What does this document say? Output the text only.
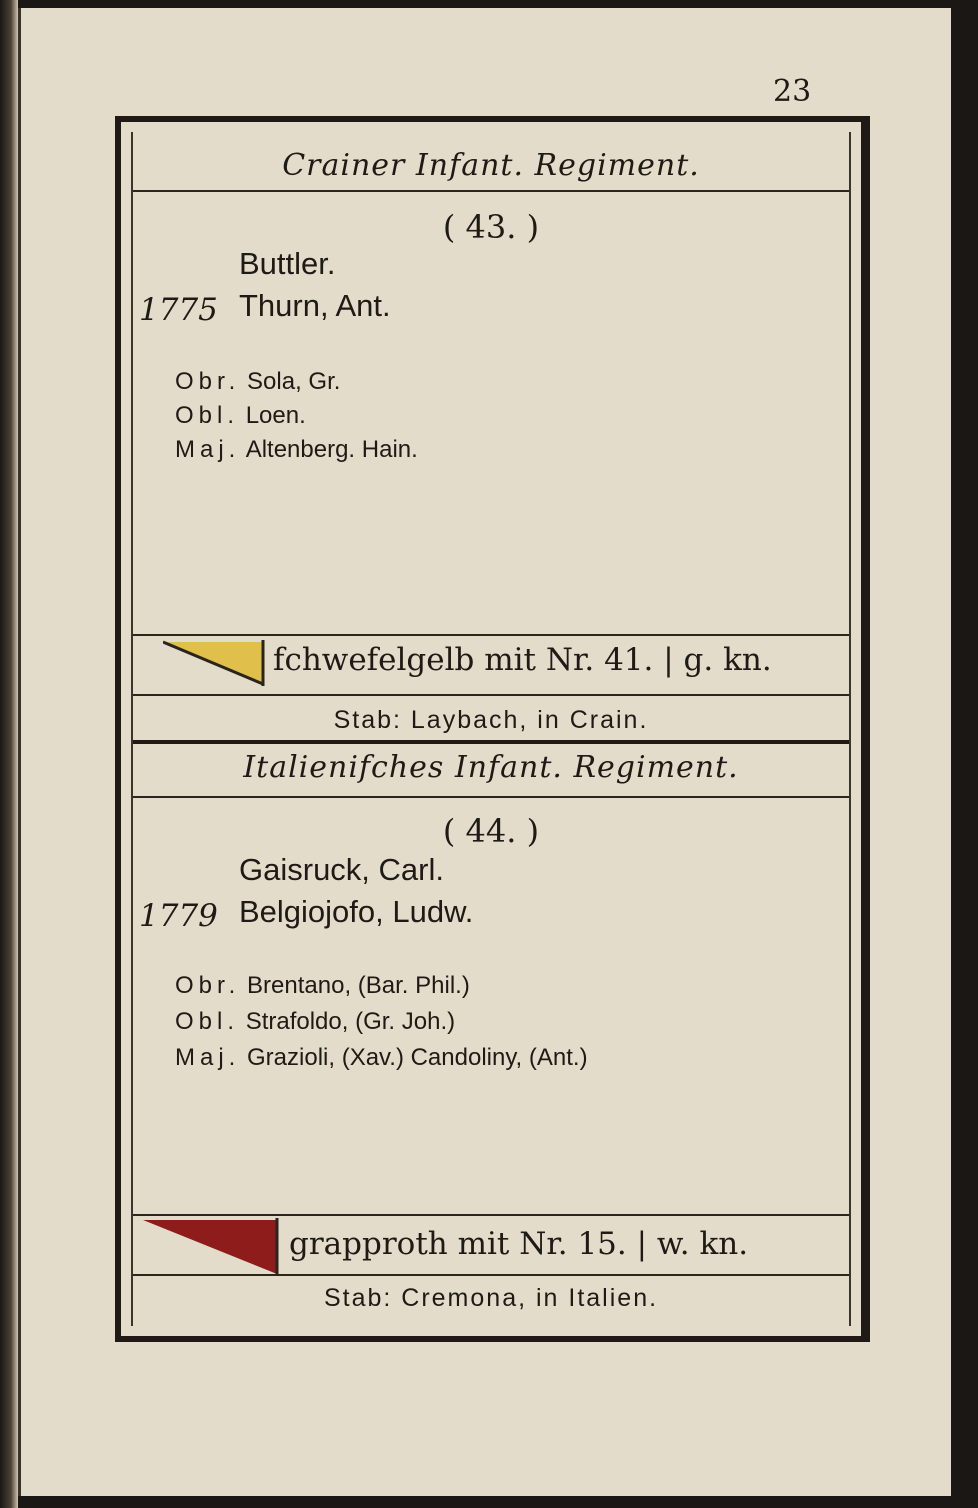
23
Crainer Infant. Regiment.
( 43. )
Buttler.
1775 Thurn, Ant.
Obr. Sola, Gr.
Obl. Loen.
Maj. Altenberg. Hain.
fchwefelgelb mit Nr. 41. | g. kn.
Stab: Laybach, in Crain.
Italienifches Infant. Regiment.
( 44. )
Gaisruck, Carl.
1779 Belgiojofo, Ludw.
Obr. Brentano, (Bar. Phil.)
Obl. Strafoldo, (Gr. Joh.)
Maj. Grazioli, (Xav.) Candoliny, (Ant.)
grapproth mit Nr. 15. | w. kn.
Stab: Cremona, in Italien.
